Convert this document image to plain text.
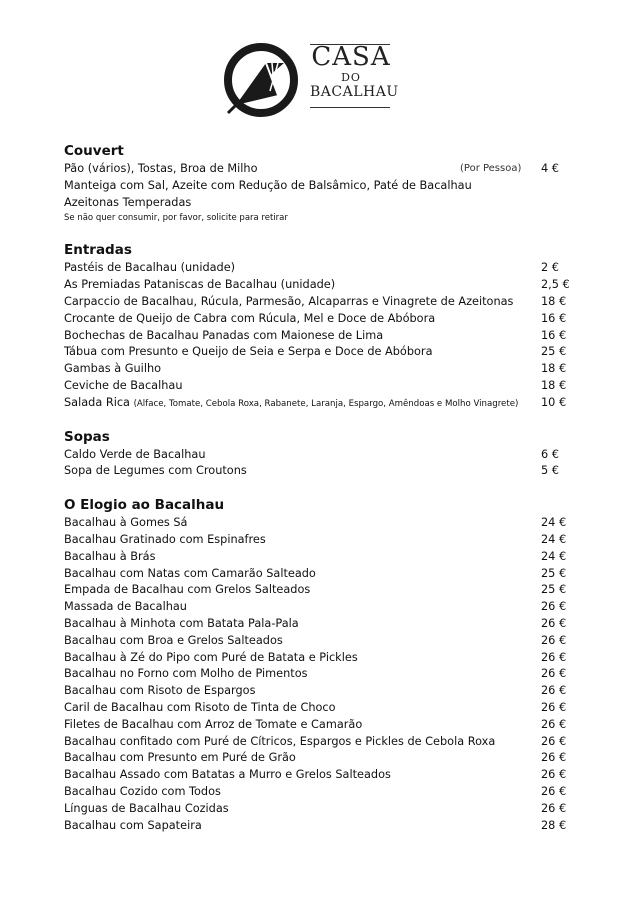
CASA
DO
BACALHAU
Couvert
Pão (vários), Tostas, Broa de Milho	(Por Pessoa) 4 €
Manteiga com Sal, Azeite com Redução de Balsâmico, Paté de Bacalhau
Azeitonas Temperadas
Se não quer consumir, por favor, solicite para retirar
Entradas
Pastéis de Bacalhau (unidade)	2 €
As Premiadas Pataniscas de Bacalhau (unidade)	2,5 €
Carpaccio de Bacalhau, Rúcula, Parmesão, Alcaparras e Vinagrete de Azeitonas 18 €
Crocante de Queijo de Cabra com Rúcula, Mel e Doce de Abóbora	16 €
Bochechas de Bacalhau Panadas com Maionese de Lima	16 €
Tábua com Presunto e Queijo de Seia e Serpa e Doce de Abóbora	25 €
Gambas à Guilho	18 €
Ceviche de Bacalhau	18 €
Salada Rica (Alface, Tomate, Cebola Roxa, Rabanete, Laranja, Espargo, Amêndoas e Molho Vinagrete) 10 €
Sopas
Caldo Verde de Bacalhau	6 €
Sopa de Legumes com Croutons	5 €
O Elogio ao Bacalhau
Bacalhau à Gomes Sá	24 €
Bacalhau Gratinado com Espinafres	24 €
Bacalhau à Brás	24 €
Bacalhau com Natas com Camarão Salteado	25 €
Empada de Bacalhau com Grelos Salteados	25 €
Massada de Bacalhau	26 €
Bacalhau à Minhota com Batata Pala-Pala	26 €
Bacalhau com Broa e Grelos Salteados	26 €
Bacalhau à Zé do Pipo com Puré de Batata e Pickles	26 €
Bacalhau no Forno com Molho de Pimentos	26 €
Bacalhau com Risoto de Espargos	26 €
Caril de Bacalhau com Risoto de Tinta de Choco	26 €
Filetes de Bacalhau com Arroz de Tomate e Camarão	26 €
Bacalhau confitado com Puré de Cítricos, Espargos e Pickles de Cebola Roxa	26 €
Bacalhau com Presunto em Puré de Grão	26 €
Bacalhau Assado com Batatas a Murro e Grelos Salteados	26 €
Bacalhau Cozido com Todos	26 €
Línguas de Bacalhau Cozidas	26 €
Bacalhau com Sapateira	28 €
